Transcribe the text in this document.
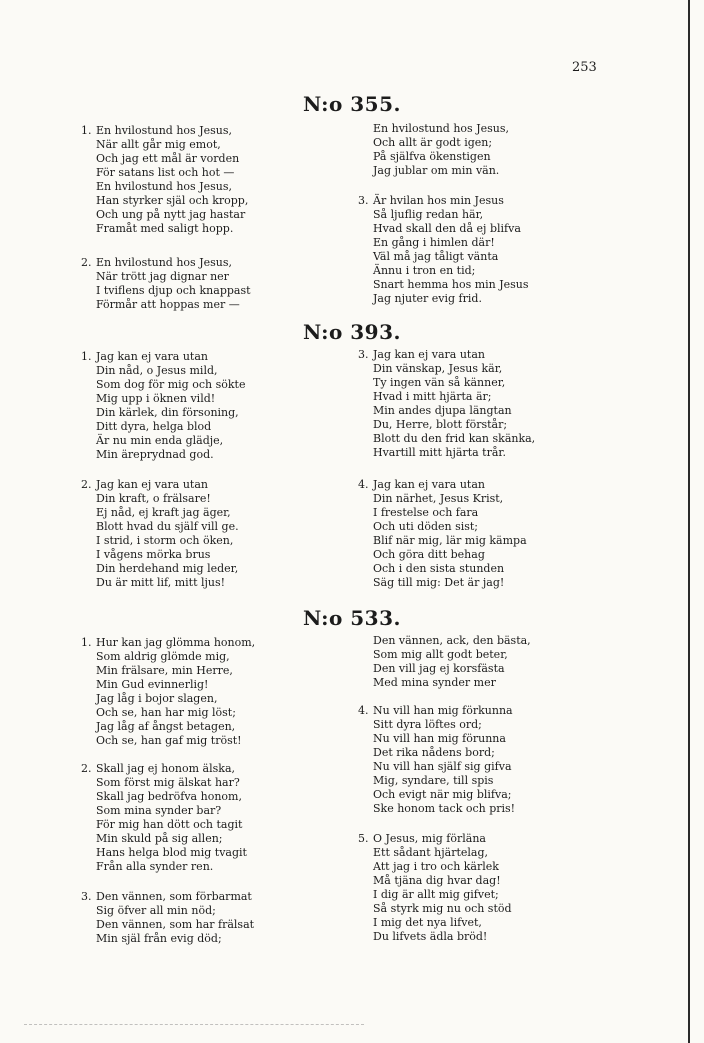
253
N:o 355.
1. En hvilostund hos Jesus,
När allt går mig emot,
Och jag ett mål är vorden
För satans list och hot —
En hvilostund hos Jesus,
Han styrker själ och kropp,
Och ung på nytt jag hastar
Framåt med saligt hopp.
2. En hvilostund hos Jesus,
När trött jag dignar ner
I tviflens djup och knappast
Förmår att hoppas mer —
En hvilostund hos Jesus,
Och allt är godt igen;
På själfva ökenstigen
Jag jublar om min vän.
3. Är hvilan hos min Jesus
Så ljuflig redan här,
Hvad skall den då ej blifva
En gång i himlen där!
Väl må jag tåligt vänta
Ännu i tron en tid;
Snart hemma hos min Jesus
Jag njuter evig frid.
N:o 393.
1. Jag kan ej vara utan
Din nåd, o Jesus mild,
Som dog för mig och sökte
Mig upp i öknen vild!
Din kärlek, din försoning,
Ditt dyra, helga blod
Är nu min enda glädje,
Min äreprydnad god.
2. Jag kan ej vara utan
Din kraft, o frälsare!
Ej nåd, ej kraft jag äger,
Blott hvad du själf vill ge.
I strid, i storm och öken,
I vågens mörka brus
Din herdehand mig leder,
Du är mitt lif, mitt ljus!
3. Jag kan ej vara utan
Din vänskap, Jesus kär,
Ty ingen vän så känner,
Hvad i mitt hjärta är;
Min andes djupa längtan
Du, Herre, blott förstår;
Blott du den frid kan skänka,
Hvartill mitt hjärta trår.
4. Jag kan ej vara utan
Din närhet, Jesus Krist,
I frestelse och fara
Och uti döden sist;
Blif när mig, lär mig kämpa
Och göra ditt behag
Och i den sista stunden
Säg till mig: Det är jag!
N:o 533.
1. Hur kan jag glömma honom,
Som aldrig glömde mig,
Min frälsare, min Herre,
Min Gud evinnerlig!
Jag låg i bojor slagen,
Och se, han har mig löst;
Jag låg af ångst betagen,
Och se, han gaf mig tröst!
2. Skall jag ej honom älska,
Som först mig älskat har?
Skall jag bedröfva honom,
Som mina synder bar?
För mig han dött och tagit
Min skuld på sig allen;
Hans helga blod mig tvagit
Från alla synder ren.
3. Den vännen, som förbarmat
Sig öfver all min nöd;
Den vännen, som har frälsat
Min själ från evig död;
Den vännen, ack, den bästa,
Som mig allt godt beter,
Den vill jag ej korsfästa
Med mina synder mer
4. Nu vill han mig förkunna
Sitt dyra löftes ord;
Nu vill han mig förunna
Det rika nådens bord;
Nu vill han själf sig gifva
Mig, syndare, till spis
Och evigt när mig blifva;
Ske honom tack och pris!
5. O Jesus, mig förläna
Ett sådant hjärtelag,
Att jag i tro och kärlek
Må tjäna dig hvar dag!
I dig är allt mig gifvet;
Så styrk mig nu och stöd
I mig det nya lifvet,
Du lifvets ädla bröd!
